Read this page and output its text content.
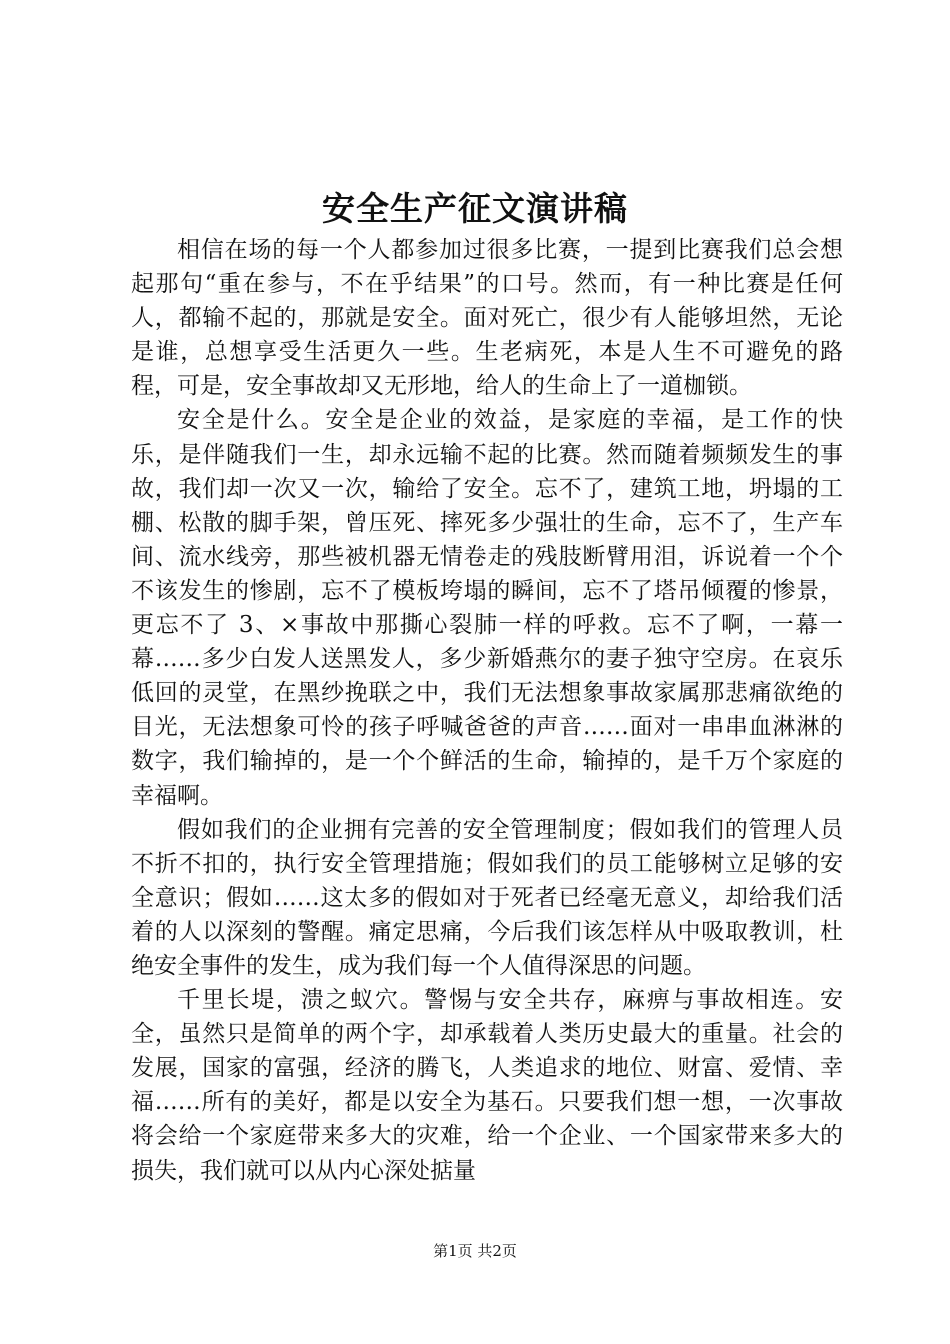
安全生产征文演讲稿

相信在场的每一个人都参加过很多比赛，一提到比赛我们总会想起那句“重在参与，不在乎结果”的口号。然而，有一种比赛是任何人，都输不起的，那就是安全。面对死亡，很少有人能够坦然，无论是谁，总想享受生活更久一些。生老病死，本是人生不可避免的路程，可是，安全事故却又无形地，给人的生命上了一道枷锁。

安全是什么。安全是企业的效益，是家庭的幸福，是工作的快乐，是伴随我们一生，却永远输不起的比赛。然而随着频频发生的事故，我们却一次又一次，输给了安全。忘不了，建筑工地，坍塌的工棚、松散的脚手架，曾压死、摔死多少强壮的生命，忘不了，生产车间、流水线旁，那些被机器无情卷走的残肢断臂用泪，诉说着一个个不该发生的惨剧，忘不了模板垮塌的瞬间，忘不了塔吊倾覆的惨景，更忘不了 3、×事故中那撕心裂肺一样的呼救。忘不了啊，一幕一幕……多少白发人送黑发人，多少新婚燕尔的妻子独守空房。在哀乐低回的灵堂，在黑纱挽联之中，我们无法想象事故家属那悲痛欲绝的目光，无法想象可怜的孩子呼喊爸爸的声音……面对一串串血淋淋的数字，我们输掉的，是一个个鲜活的生命，输掉的，是千万个家庭的幸福啊。

假如我们的企业拥有完善的安全管理制度；假如我们的管理人员不折不扣的，执行安全管理措施；假如我们的员工能够树立足够的安全意识；假如……这太多的假如对于死者已经毫无意义，却给我们活着的人以深刻的警醒。痛定思痛，今后我们该怎样从中吸取教训，杜绝安全事件的发生，成为我们每一个人值得深思的问题。

千里长堤，溃之蚁穴。警惕与安全共存，麻痹与事故相连。安全，虽然只是简单的两个字，却承载着人类历史最大的重量。社会的发展，国家的富强，经济的腾飞，人类追求的地位、财富、爱情、幸福……所有的美好，都是以安全为基石。只要我们想一想，一次事故将会给一个家庭带来多大的灾难，给一个企业、一个国家带来多大的损失，我们就可以从内心深处掂量

第1页 共2页
